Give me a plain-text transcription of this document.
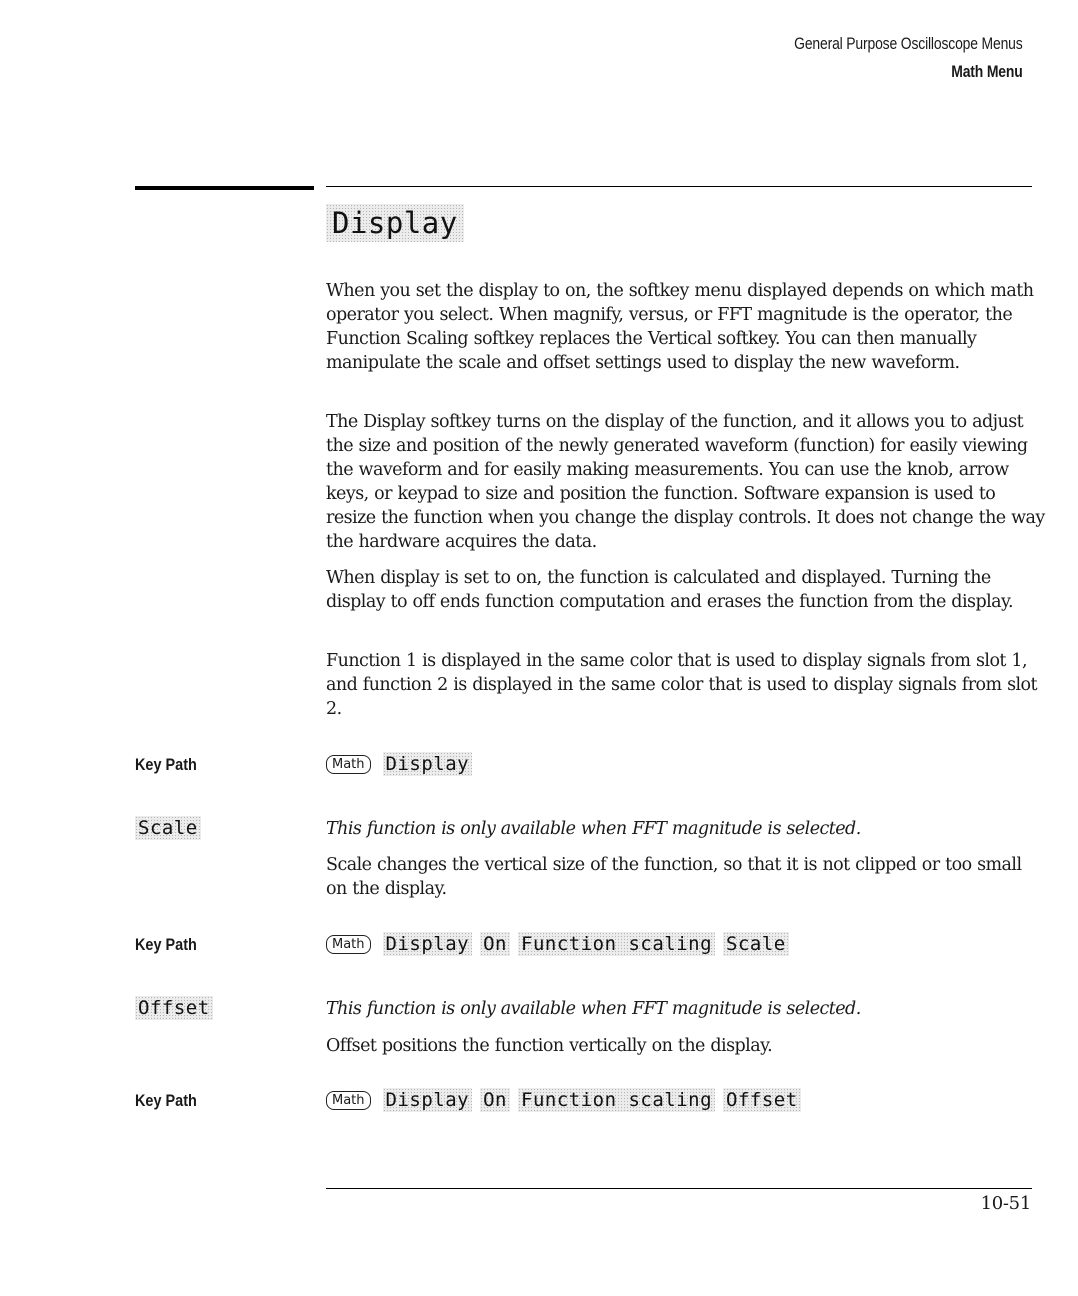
General Purpose Oscilloscope Menus
Math Menu
Display

When you set the display to on, the softkey menu displayed depends on which math operator you select. When magnify, versus, or FFT magnitude is the operator, the Function Scaling softkey replaces the Vertical softkey. You can then manually manipulate the scale and offset settings used to display the new waveform.

The Display softkey turns on the display of the function, and it allows you to adjust the size and position of the newly generated waveform (function) for easily viewing the waveform and for easily making measurements. You can use the knob, arrow keys, or keypad to size and position the function. Software expansion is used to resize the function when you change the display controls. It does not change the way the hardware acquires the data.

When display is set to on, the function is calculated and displayed. Turning the display to off ends function computation and erases the function from the display.

Function 1 is displayed in the same color that is used to display signals from slot 1, and function 2 is displayed in the same color that is used to display signals from slot 2.

Key Path	Math	Display
Scale	This function is only available when FFT magnitude is selected.

Scale changes the vertical size of the function, so that it is not clipped or too small on the display.

Key Path	Math	Display On Function scaling Scale
Offset	This function is only available when FFT magnitude is selected.

Offset positions the function vertically on the display.

Key Path	Math	Display On Function scaling Offset
10-51
